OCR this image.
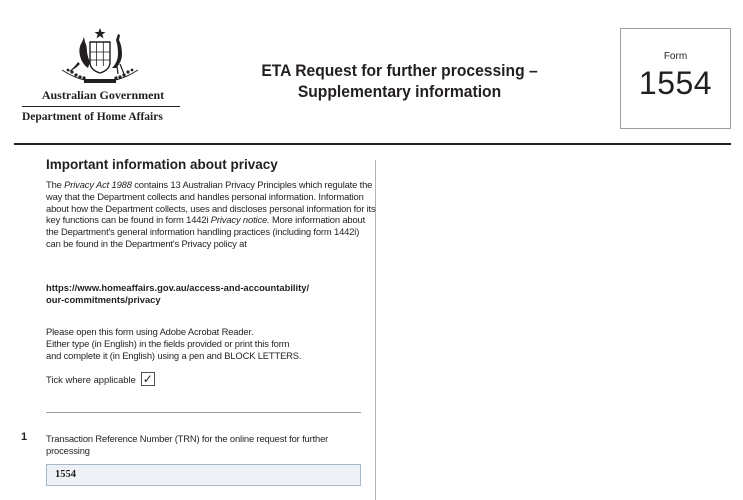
Australian Government
Department of Home Affairs
ETA Request for further processing –
Supplementary information
Form
1554
Important information about privacy
The Privacy Act 1988 contains 13 Australian Privacy Principles which regulate the way that the Department collects and handles personal information. Information about how the Department collects, uses and discloses personal information for its key functions can be found in form 1442i Privacy notice. More information about the Department's general information handling practices (including form 1442i) can be found in the Department's Privacy policy at
https://www.homeaffairs.gov.au/access-and-accountability/
our-commitments/privacy
Please open this form using Adobe Acrobat Reader.
Either type (in English) in the fields provided or print this form
and complete it (in English) using a pen and BLOCK LETTERS.
Tick where applicable ✓
1 Transaction Reference Number (TRN) for the online request for further processing
1554
